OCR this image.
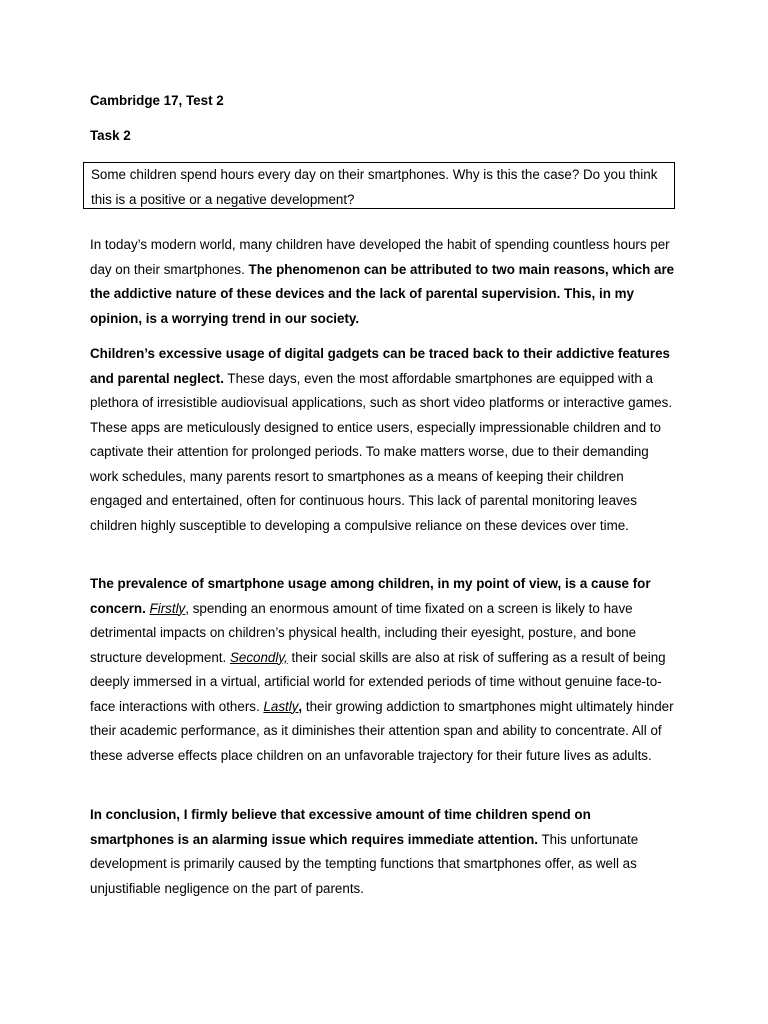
Cambridge 17, Test 2
Task 2
Some children spend hours every day on their smartphones. Why is this the case? Do you think this is a positive or a negative development?

In today’s modern world, many children have developed the habit of spending countless hours per day on their smartphones. The phenomenon can be attributed to two main reasons, which are the addictive nature of these devices and the lack of parental supervision. This, in my opinion, is a worrying trend in our society.

Children’s excessive usage of digital gadgets can be traced back to their addictive features and parental neglect. These days, even the most affordable smartphones are equipped with a plethora of irresistible audiovisual applications, such as short video platforms or interactive games. These apps are meticulously designed to entice users, especially impressionable children and to captivate their attention for prolonged periods. To make matters worse, due to their demanding work schedules, many parents resort to smartphones as a means of keeping their children engaged and entertained, often for continuous hours. This lack of parental monitoring leaves children highly susceptible to developing a compulsive reliance on these devices over time.

The prevalence of smartphone usage among children, in my point of view, is a cause for concern. Firstly, spending an enormous amount of time fixated on a screen is likely to have detrimental impacts on children’s physical health, including their eyesight, posture, and bone structure development. Secondly, their social skills are also at risk of suffering as a result of being deeply immersed in a virtual, artificial world for extended periods of time without genuine face-to-face interactions with others. Lastly, their growing addiction to smartphones might ultimately hinder their academic performance, as it diminishes their attention span and ability to concentrate. All of these adverse effects place children on an unfavorable trajectory for their future lives as adults.

In conclusion, I firmly believe that excessive amount of time children spend on smartphones is an alarming issue which requires immediate attention. This unfortunate development is primarily caused by the tempting functions that smartphones offer, as well as unjustifiable negligence on the part of parents.
